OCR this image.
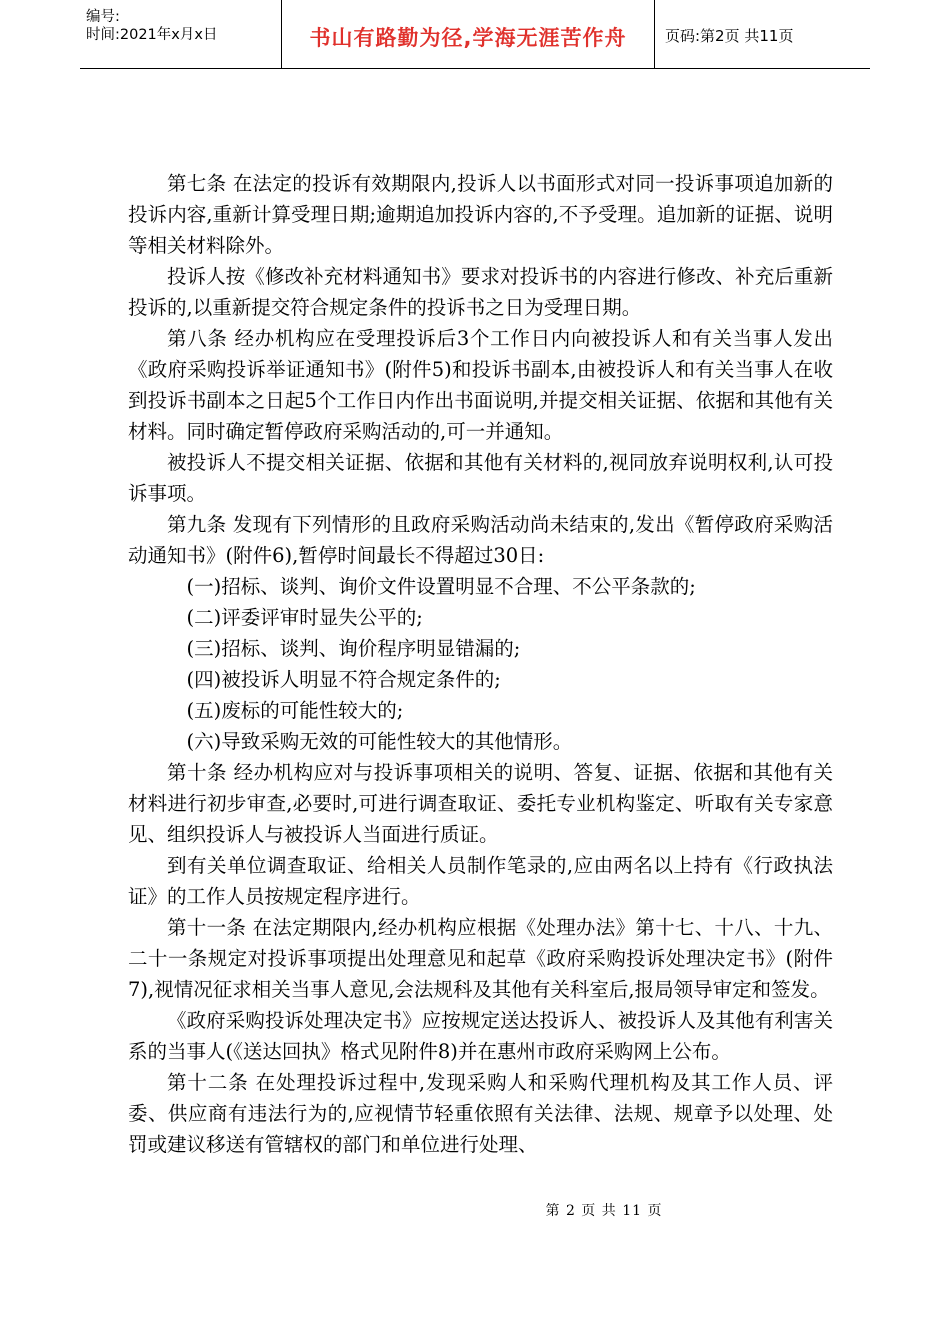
编号:
时间:2021年x月x日	书山有路勤为径,学海无涯苦作舟	页码:第2页 共11页

第七条 在法定的投诉有效期限内,投诉人以书面形式对同一投诉事项追加新的投诉内容,重新计算受理日期;逾期追加投诉内容的,不予受理。追加新的证据、说明等相关材料除外。

投诉人按《修改补充材料通知书》要求对投诉书的内容进行修改、补充后重新投诉的,以重新提交符合规定条件的投诉书之日为受理日期。

第八条 经办机构应在受理投诉后3个工作日内向被投诉人和有关当事人发出《政府采购投诉举证通知书》(附件5)和投诉书副本,由被投诉人和有关当事人在收到投诉书副本之日起5个工作日内作出书面说明,并提交相关证据、依据和其他有关材料。同时确定暂停政府采购活动的,可一并通知。

被投诉人不提交相关证据、依据和其他有关材料的,视同放弃说明权利,认可投诉事项。

第九条 发现有下列情形的且政府采购活动尚未结束的,发出《暂停政府采购活动通知书》(附件6),暂停时间最长不得超过30日:

(一)招标、谈判、询价文件设置明显不合理、不公平条款的;

(二)评委评审时显失公平的;

(三)招标、谈判、询价程序明显错漏的;

(四)被投诉人明显不符合规定条件的;

(五)废标的可能性较大的;

(六)导致采购无效的可能性较大的其他情形。

第十条 经办机构应对与投诉事项相关的说明、答复、证据、依据和其他有关材料进行初步审查,必要时,可进行调查取证、委托专业机构鉴定、听取有关专家意见、组织投诉人与被投诉人当面进行质证。

到有关单位调查取证、给相关人员制作笔录的,应由两名以上持有《行政执法证》的工作人员按规定程序进行。

第十一条 在法定期限内,经办机构应根据《处理办法》第十七、十八、十九、二十一条规定对投诉事项提出处理意见和起草《政府采购投诉处理决定书》(附件7),视情况征求相关当事人意见,会法规科及其他有关科室后,报局领导审定和签发。

《政府采购投诉处理决定书》应按规定送达投诉人、被投诉人及其他有利害关系的当事人(《送达回执》格式见附件8)并在惠州市政府采购网上公布。

第十二条 在处理投诉过程中,发现采购人和采购代理机构及其工作人员、评委、供应商有违法行为的,应视情节轻重依照有关法律、法规、规章予以处理、处罚或建议移送有管辖权的部门和单位进行处理、

第 2 页 共 11 页
